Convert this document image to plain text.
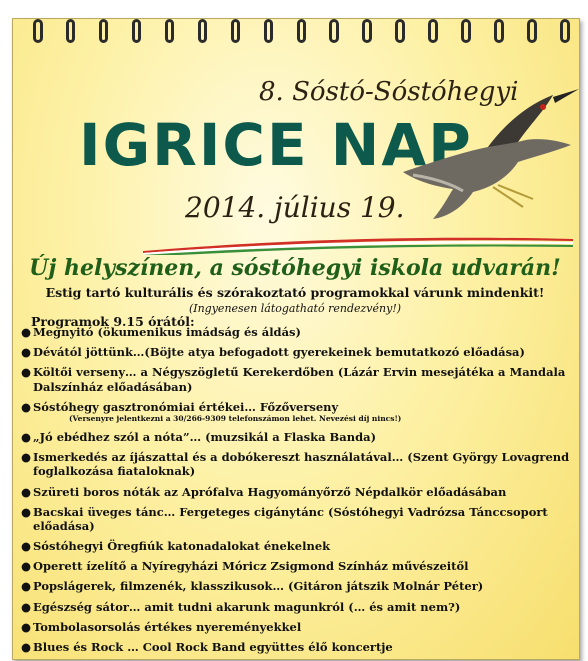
8. Sóstó-Sóstóhegyi
IGRICE NAP
2014. július 19.
Új helyszínen, a sóstóhegyi iskola udvarán!
Estig tartó kulturális és szórakoztató programokkal várunk mindenkit!
(Ingyenesen látogatható rendezvény!)
Programok 9.15 órától:
● Megnyitó (ökumenikus imádság és áldás)
● Dévától jöttünk…(Böjte atya befogadott gyerekeinek bemutatkozó előadása)
● Költői verseny… a Négyszögletű Kerekerdőben (Lázár Ervin mesejátéka a Mandala Dalszínház előadásában)
● Sóstóhegy gasztronómiai értékei… Főzőverseny
(Versenyre jelentkezni a 30/266-9309 telefonszámon lehet. Nevezési díj nincs!)
● „Jó ebédhez szól a nóta”… (muzsikál a Flaska Banda)
● Ismerkedés az íjászattal és a dobókereszt használatával… (Szent György Lovagrend foglalkozása fiataloknak)
● Szüreti boros nóták az Aprófalva Hagyományőrző Népdalkör előadásában
● Bacskai üveges tánc… Fergeteges cigánytánc (Sóstóhegyi Vadrózsa Tánccsoport előadása)
● Sóstóhegyi Öregfiúk katonadalokat énekelnek
● Operett ízelítő a Nyíregyházi Móricz Zsigmond Színház művészeitől
● Popslágerek, filmzenék, klasszikusok… (Gitáron játszik Molnár Péter)
● Egészség sátor… amit tudni akarunk magunkról (… és amit nem?)
● Tombolasorsolás értékes nyereményekkel
● Blues és Rock … Cool Rock Band együttes élő koncertje
